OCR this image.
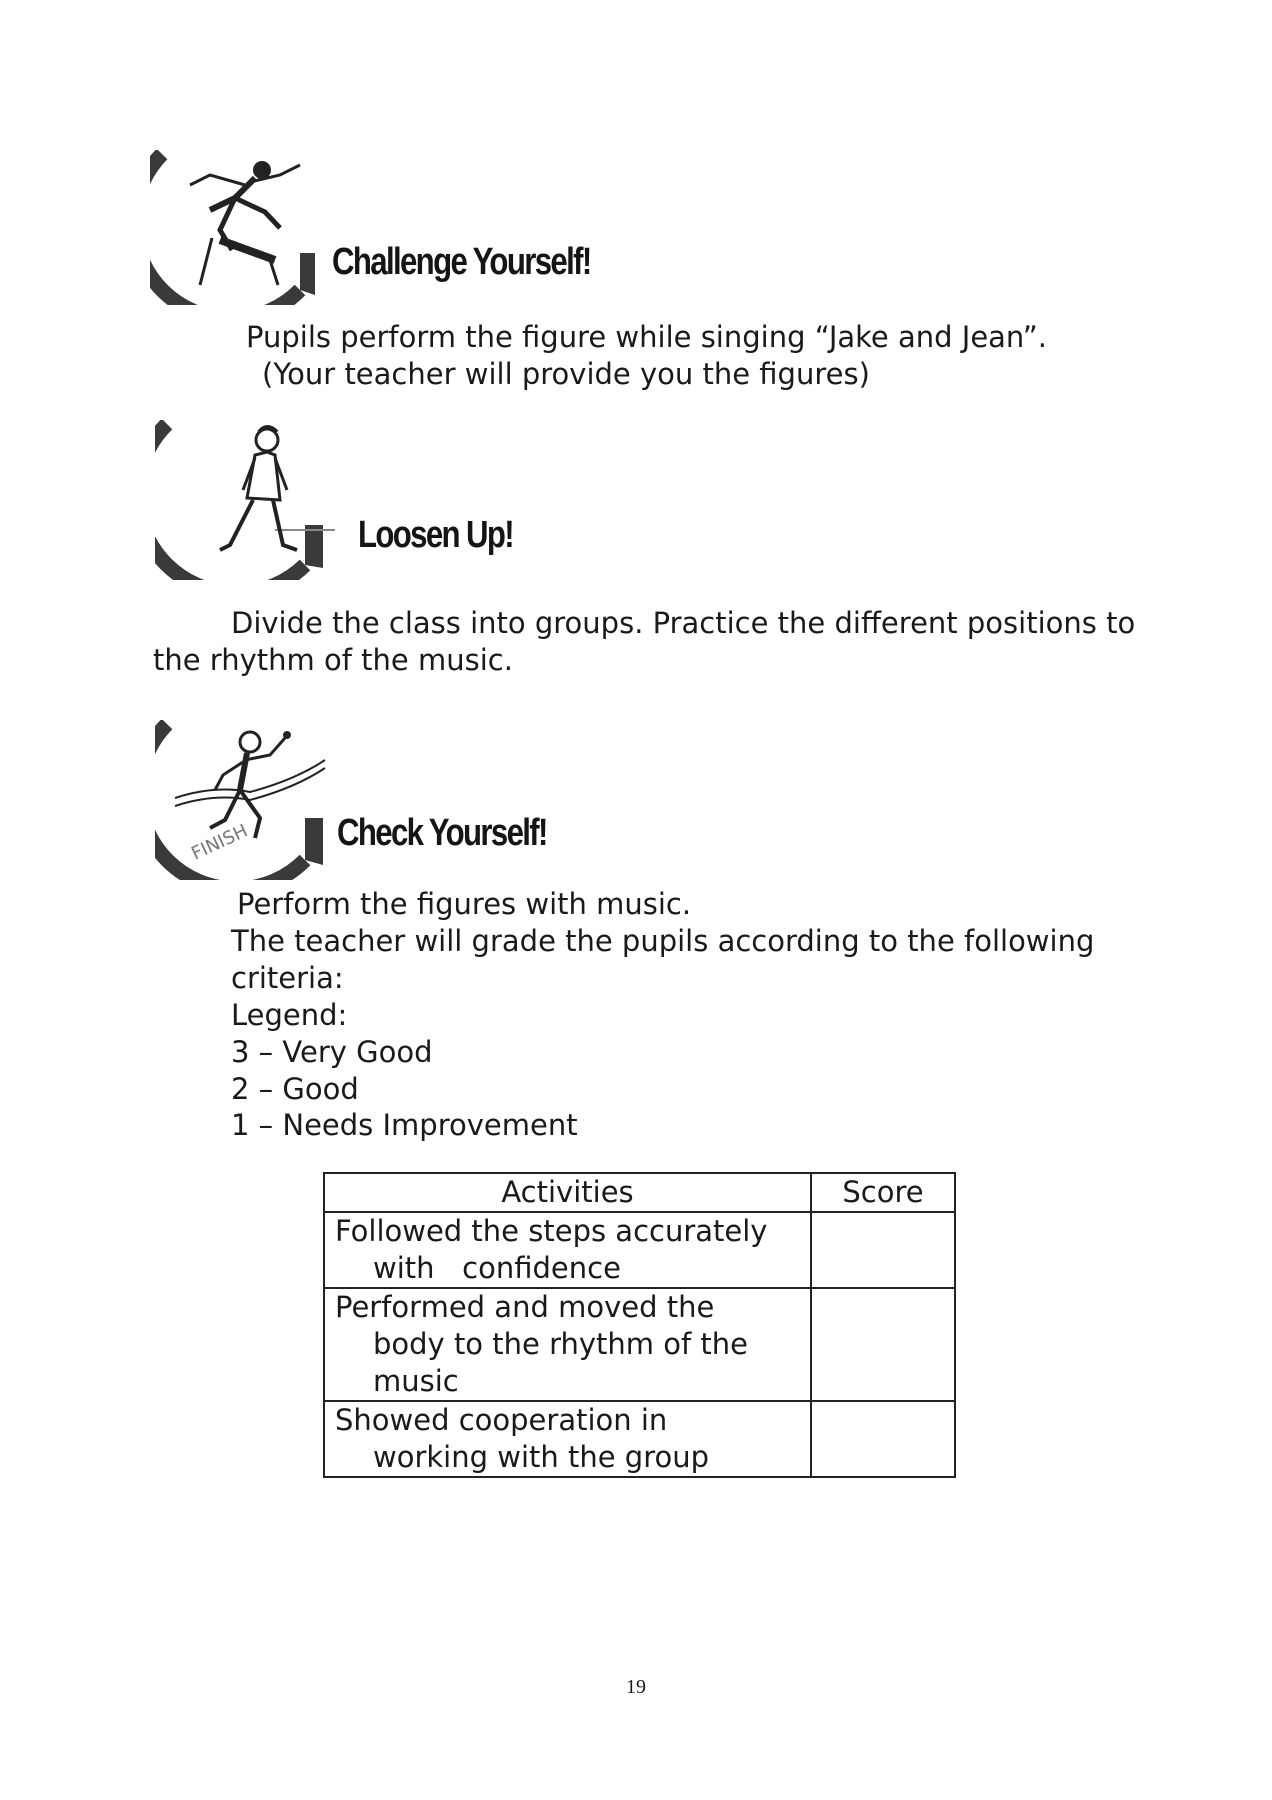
Challenge Yourself!

Pupils perform the figure while singing “Jake and Jean”.

(Your teacher will provide you the figures)

Loosen Up!

Divide the class into groups. Practice the different positions to

the rhythm of the music.

FINISH Check Yourself!

Perform the figures with music.

The teacher will grade the pupils according to the following

criteria:

Legend:

3 – Very Good

2 – Good

1 – Needs Improvement

Activities	Score

Followed the steps accurately
with   confidence	

Performed and moved the
body to the rhythm of the
music	

Showed cooperation in
working with the group	

19
